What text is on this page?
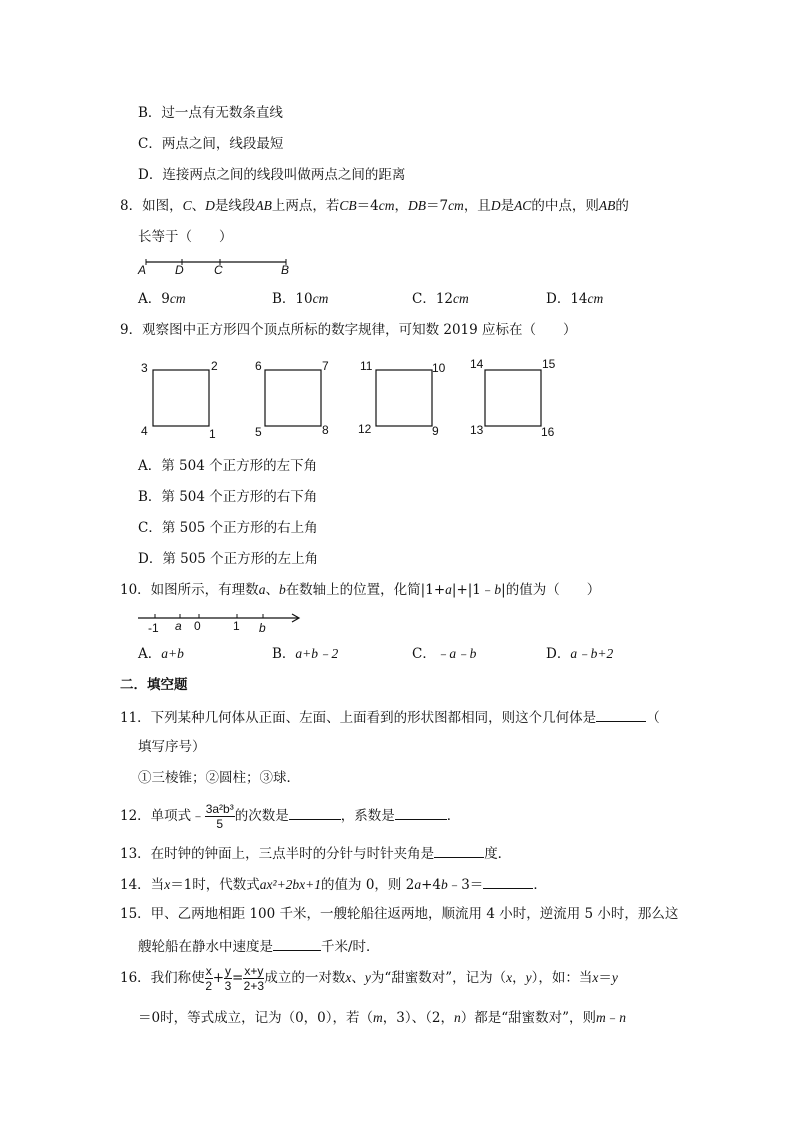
B．过一点有无数条直线
C．两点之间，线段最短
D．连接两点之间的线段叫做两点之间的距离
8．如图，C、D是线段AB上两点，若CB＝4cm，DB＝7cm，且D是AC的中点，则AB的
长等于（　　）
A D	C	B
A．9cm	B．10cm	C．12cm	D．14cm
9．观察图中正方形四个顶点所标的数字规律，可知数 2019 应标在（　　）
3	2
4	1
6	7
5	8
11	10
12	9
14	15
13	16
A．第 504 个正方形的左下角
B．第 504 个正方形的右下角
C．第 505 个正方形的右上角
D．第 505 个正方形的左上角
10．如图所示，有理数a、b在数轴上的位置，化简|1+a|+|1﹣b|的值为（　　）
-1 a 0	1 b
A．a+b	B．a+b﹣2	C．﹣a﹣b	D．a﹣b+2
二．填空题
11．下列某种几何体从正面、左面、上面看到的形状图都相同，则这个几何体是	（
填写序号）
①三棱锥；②圆柱；③球．
12．单项式﹣ $\frac{\text{3a²b³}}{5}$ 的次数是	，系数是	．
13．在时钟的钟面上，三点半时的分针与时针夹角是	度．
14．当x＝1时，代数式ax²+2bx+1的值为 0，则 2a+4b﹣3＝	．
15．甲、乙两地相距 100 千米，一艘轮船往返两地，顺流用 4 小时，逆流用 5 小时，那么这
艘轮船在静水中速度是	千米/时．
16．我们称使 $\frac{x}{2} + \frac{y}{3} = \frac{x+y}{2+3}$ 成立的一对数x、y为“甜蜜数对”，记为（x，y），如：当x＝y
＝0时，等式成立，记为（0，0），若（m，3）、（2，n）都是“甜蜜数对”，则m﹣n
